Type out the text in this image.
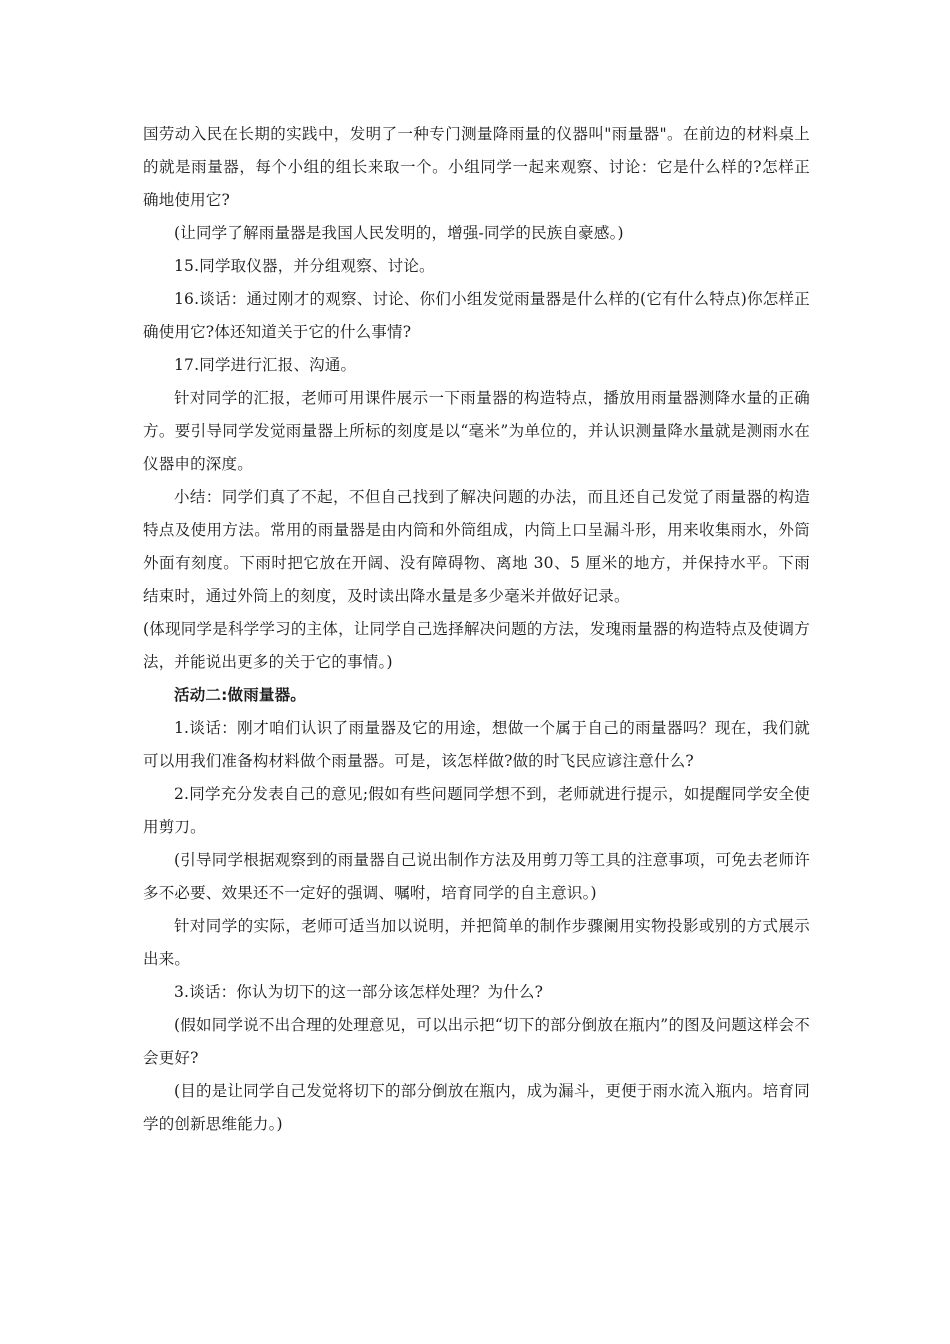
国劳动入民在长期的实践中，发明了一种专门测量降雨量的仪器叫"雨量器"。在前边的材料桌上的就是雨量器，每个小组的组长来取一个。小组同学一起来观察、讨论：它是什么样的?怎样正确地使用它?

(让同学了解雨量器是我国人民发明的，增强-同学的民族自豪感。)

15.同学取仪器，并分组观察、讨论。

16.谈话：通过刚才的观察、讨论、你们小组发觉雨量器是什么样的(它有什么特点)你怎样正确使用它?体还知道关于它的什么事情?

17.同学进行汇报、沟通。

针对同学的汇报，老师可用课件展示一下雨量器的构造特点，播放用雨量器测降水量的正确方。要引导同学发觉雨量器上所标的刻度是以“毫米”为单位的，并认识测量降水量就是测雨水在仪器申的深度。

小结：同学们真了不起，不但自己找到了解决问题的办法，而且还自己发觉了雨量器的构造特点及使用方法。常用的雨量器是由内筒和外筒组成，内筒上口呈漏斗形，用来收集雨水，外筒外面有刻度。下雨时把它放在开阔、没有障碍物、离地 30、5 厘米的地方，并保持水平。下雨结束时，通过外筒上的刻度，及时读出降水量是多少毫米并做好记录。

(体现同学是科学学习的主体，让同学自己选择解决问题的方法，发瑰雨量器的构造特点及使调方法，并能说出更多的关于它的事情。)

活动二:做雨量器。

1.谈话：刚才咱们认识了雨量器及它的用途，想做一个属于自己的雨量器吗？现在，我们就可以用我们准备构材料做个雨量器。可是，该怎样做?做的时飞民应谚注意什么?

2.同学充分发表自己的意见;假如有些问题同学想不到，老师就进行提示，如提醒同学安全使用剪刀。

(引导同学根据观察到的雨量器自己说出制作方法及用剪刀等工具的注意事项，可免去老师许多不必要、效果还不一定好的强调、嘱咐，培育同学的自主意识。)

针对同学的实际，老师可适当加以说明，并把简单的制作步骤阑用实物投影或别的方式展示出来。

3.谈话：你认为切下的这一部分该怎样处理？为什么?

(假如同学说不出合理的处理意见，可以出示把“切下的部分倒放在瓶内”的图及问题这样会不会更好?

(目的是让同学自己发觉将切下的部分倒放在瓶内，成为漏斗，更便于雨水流入瓶内。培育同学的创新思维能力。)
